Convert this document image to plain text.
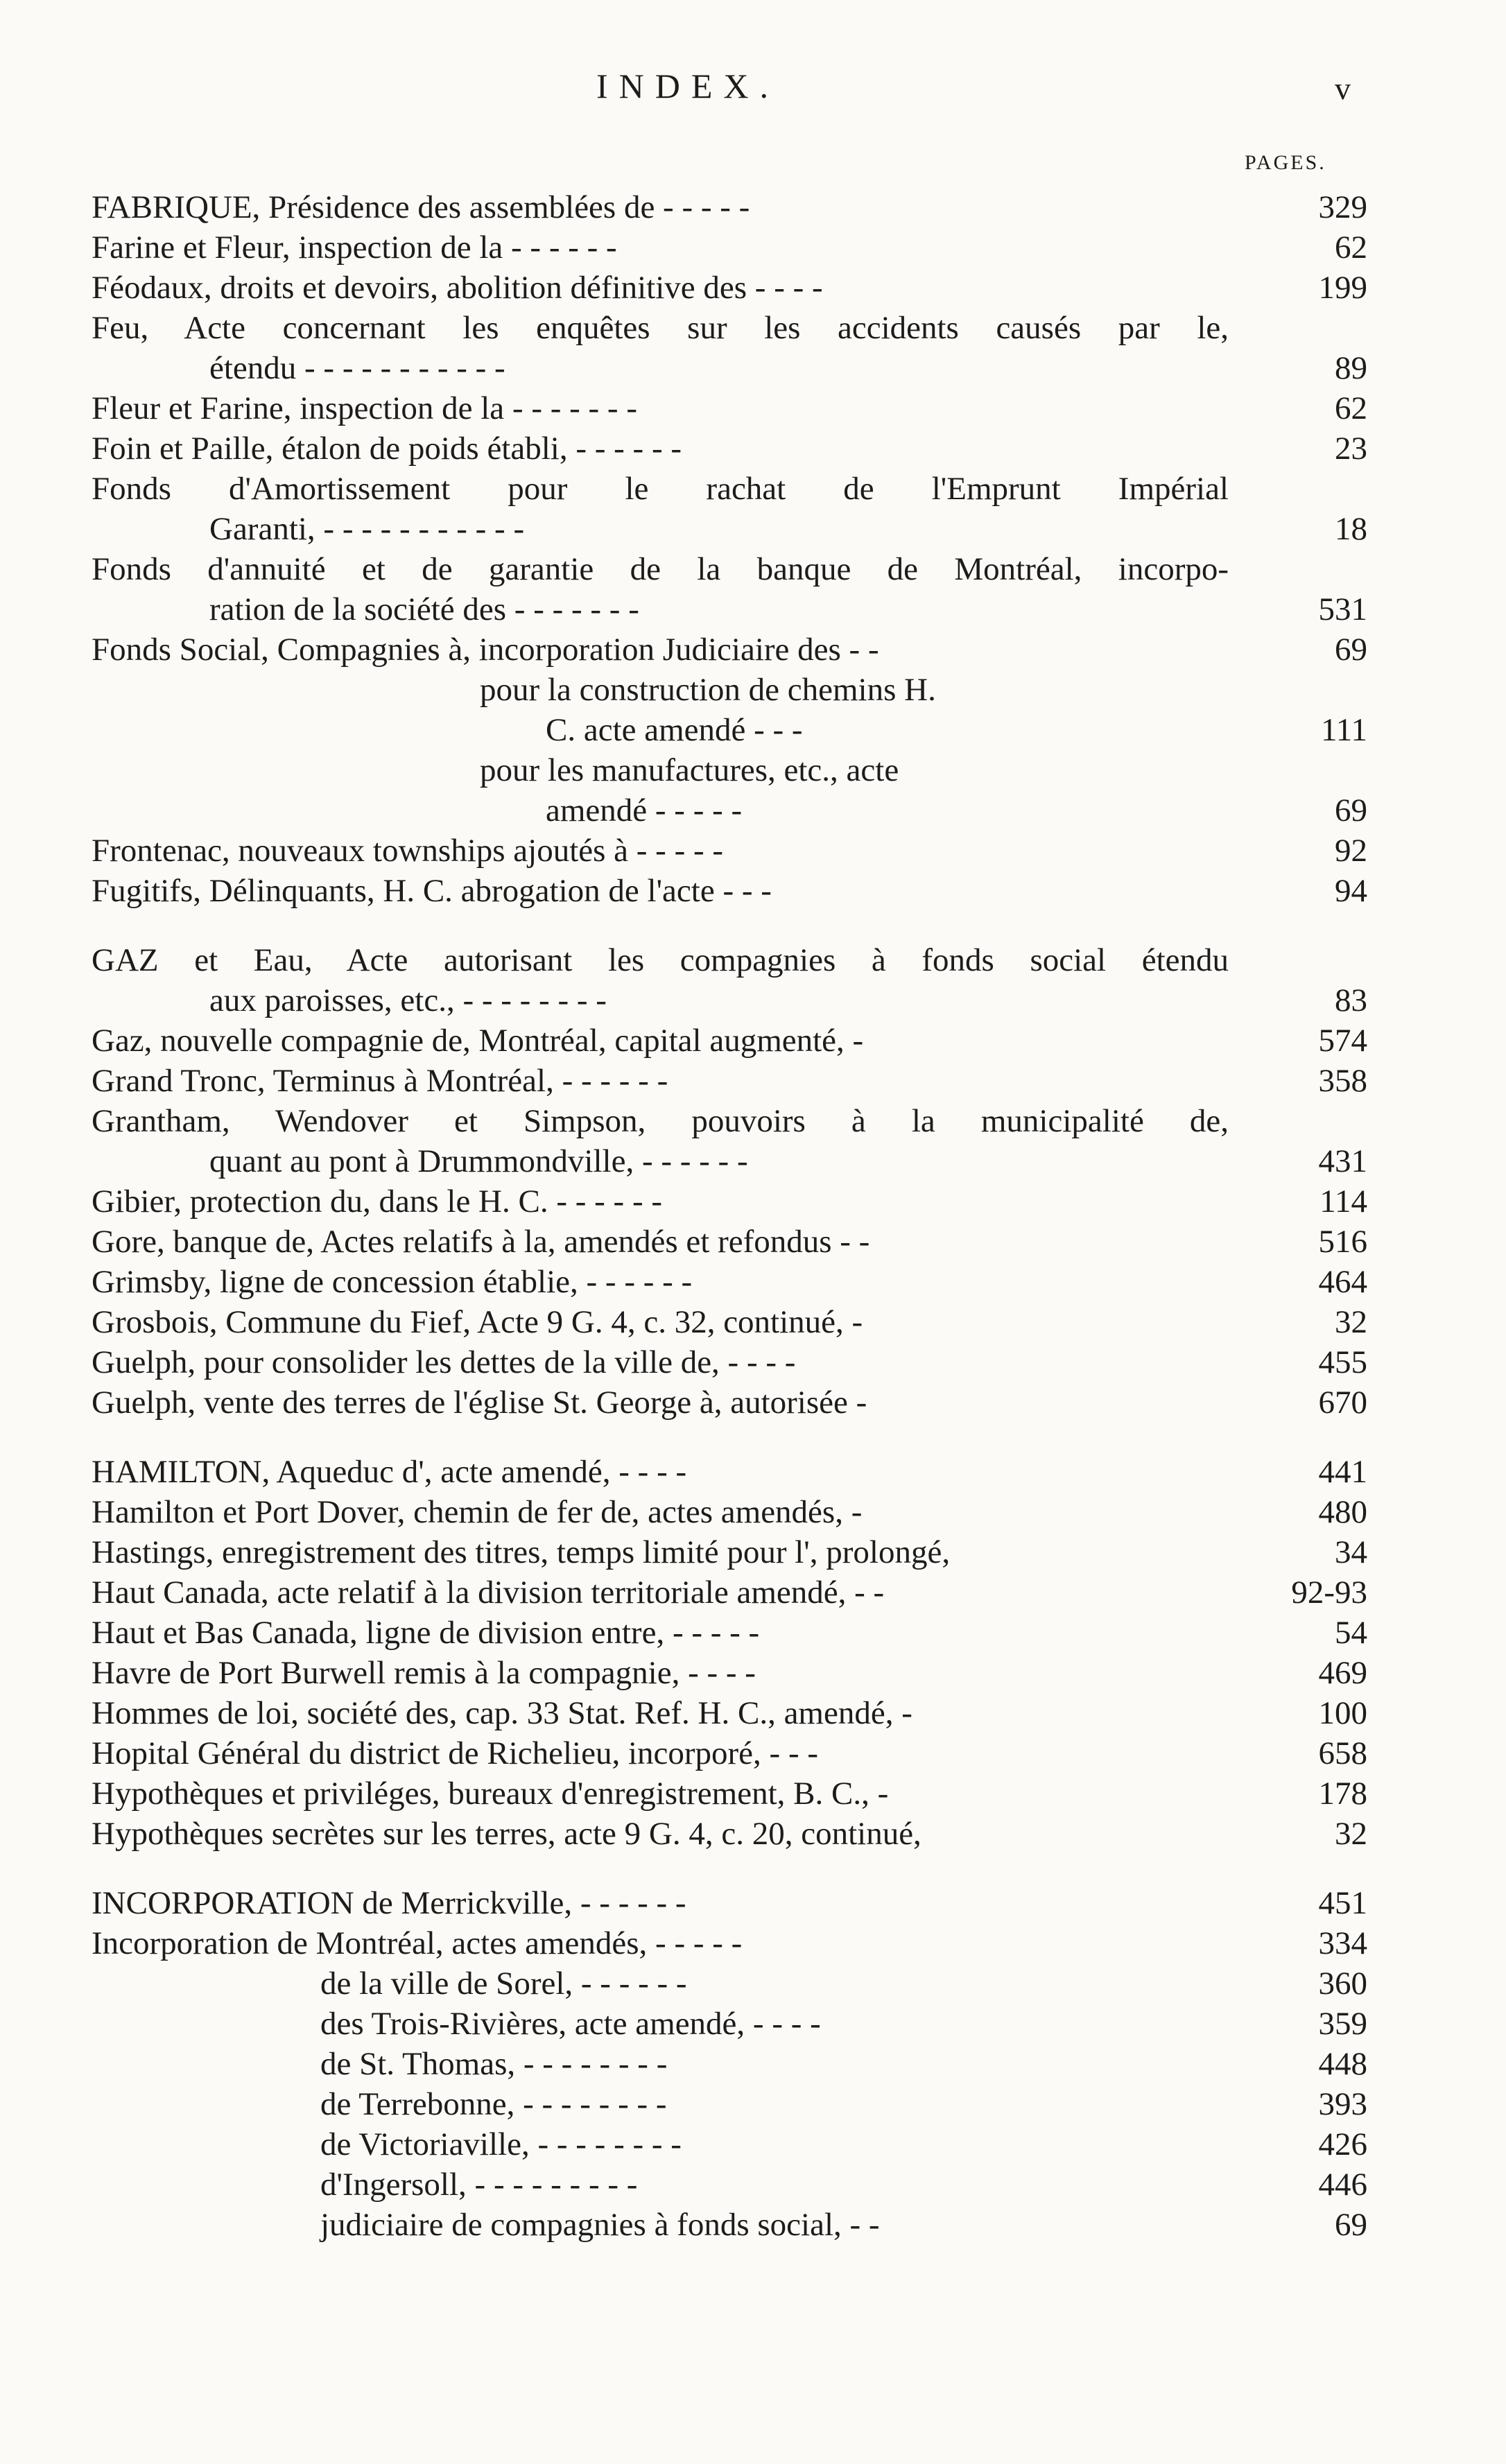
INDEX.	v
PAGES.
FABRIQUE, Présidence des assemblées de - - - - -	329
Farine et Fleur, inspection de la - - - - - -	62
Féodaux, droits et devoirs, abolition définitive des - - - -	199
Feu, Acte concernant les enquêtes sur les accidents causés par le,
étendu - - - - - - - - - - -	89
Fleur et Farine, inspection de la - - - - - - -	62
Foin et Paille, étalon de poids établi, - - - - - -	23
Fonds d'Amortissement pour le rachat de l'Emprunt Impérial
Garanti, - - - - - - - - - - -	18
Fonds d'annuité et de garantie de la banque de Montréal, incorpo-
ration de la société des - - - - - - -	531
Fonds Social, Compagnies à, incorporation Judiciaire des - -	69
pour la construction de chemins H.
C. acte amendé - - -	111
pour les manufactures, etc., acte
amendé - - - - -	69
Frontenac, nouveaux townships ajoutés à - - - - -	92
Fugitifs, Délinquants, H. C. abrogation de l'acte - - -	94
GAZ et Eau, Acte autorisant les compagnies à fonds social étendu
aux paroisses, etc., - - - - - - - -	83
Gaz, nouvelle compagnie de, Montréal, capital augmenté, -	574
Grand Tronc, Terminus à Montréal, - - - - - -	358
Grantham, Wendover et Simpson, pouvoirs à la municipalité de,
quant au pont à Drummondville, - - - - - -	431
Gibier, protection du, dans le H. C. - - - - - -	114
Gore, banque de, Actes relatifs à la, amendés et refondus - -	516
Grimsby, ligne de concession établie, - - - - - -	464
Grosbois, Commune du Fief, Acte 9 G. 4, c. 32, continué, -	32
Guelph, pour consolider les dettes de la ville de, - - - -	455
Guelph, vente des terres de l'église St. George à, autorisée -	670
HAMILTON, Aqueduc d', acte amendé, - - - -	441
Hamilton et Port Dover, chemin de fer de, actes amendés, -	480
Hastings, enregistrement des titres, temps limité pour l', prolongé,	34
Haut Canada, acte relatif à la division territoriale amendé, - -	92-93
Haut et Bas Canada, ligne de division entre, - - - - -	54
Havre de Port Burwell remis à la compagnie, - - - -	469
Hommes de loi, société des, cap. 33 Stat. Ref. H. C., amendé, -	100
Hopital Général du district de Richelieu, incorporé, - - -	658
Hypothèques et priviléges, bureaux d'enregistrement, B. C., -	178
Hypothèques secrètes sur les terres, acte 9 G. 4, c. 20, continué,	32
INCORPORATION de Merrickville, - - - - - -	451
Incorporation de Montréal, actes amendés, - - - - -	334
de la ville de Sorel, - - - - - -	360
des Trois-Rivières, acte amendé, - - - -	359
de St. Thomas, - - - - - - - -	448
de Terrebonne, - - - - - - - -	393
de Victoriaville, - - - - - - - -	426
d'Ingersoll, - - - - - - - - -	446
judiciaire de compagnies à fonds social, - -	69
